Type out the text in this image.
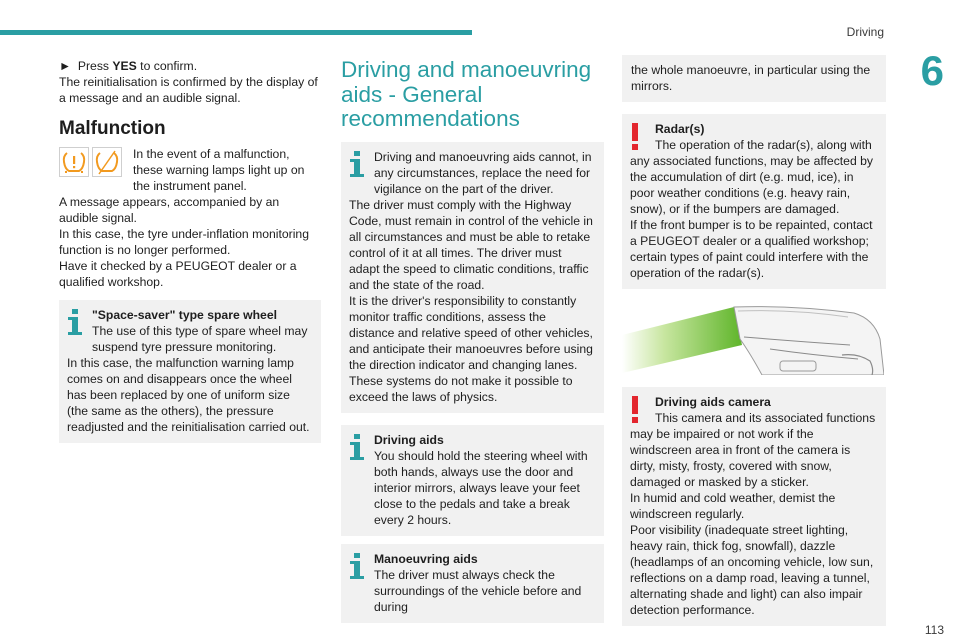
Driving
6

► Press YES to confirm.

The reinitialisation is confirmed by the display of a message and an audible signal.

Malfunction

In the event of a malfunction, these warning lamps light up on the instrument panel.

A message appears, accompanied by an audible signal.

In this case, the tyre under-inflation monitoring function is no longer performed.

Have it checked by a PEUGEOT dealer or a qualified workshop.

"Space-saver" type spare wheel

The use of this type of spare wheel may suspend tyre pressure monitoring.

In this case, the malfunction warning lamp comes on and disappears once the wheel has been replaced by one of uniform size (the same as the others), the pressure readjusted and the reinitialisation carried out.

Driving and manoeuvring aids - General recommendations

Driving and manoeuvring aids cannot, in any circumstances, replace the need for vigilance on the part of the driver.

The driver must comply with the Highway Code, must remain in control of the vehicle in all circumstances and must be able to retake control of it at all times. The driver must adapt the speed to climatic conditions, traffic and the state of the road.

It is the driver's responsibility to constantly monitor traffic conditions, assess the distance and relative speed of other vehicles, and anticipate their manoeuvres before using the direction indicator and changing lanes.

These systems do not make it possible to exceed the laws of physics.

Driving aids

You should hold the steering wheel with both hands, always use the door and interior mirrors, always leave your feet close to the pedals and take a break every 2 hours.

Manoeuvring aids

The driver must always check the surroundings of the vehicle before and during

the whole manoeuvre, in particular using the mirrors.

Radar(s)

The operation of the radar(s), along with any associated functions, may be affected by the accumulation of dirt (e.g. mud, ice), in poor weather conditions (e.g. heavy rain, snow), or if the bumpers are damaged.

If the front bumper is to be repainted, contact a PEUGEOT dealer or a qualified workshop; certain types of paint could interfere with the operation of the radar(s).

Driving aids camera

This camera and its associated functions may be impaired or not work if the windscreen area in front of the camera is dirty, misty, frosty, covered with snow, damaged or masked by a sticker.

In humid and cold weather, demist the windscreen regularly.

Poor visibility (inadequate street lighting, heavy rain, thick fog, snowfall), dazzle (headlamps of an oncoming vehicle, low sun, reflections on a damp road, leaving a tunnel, alternating shade and light) can also impair detection performance.

113
